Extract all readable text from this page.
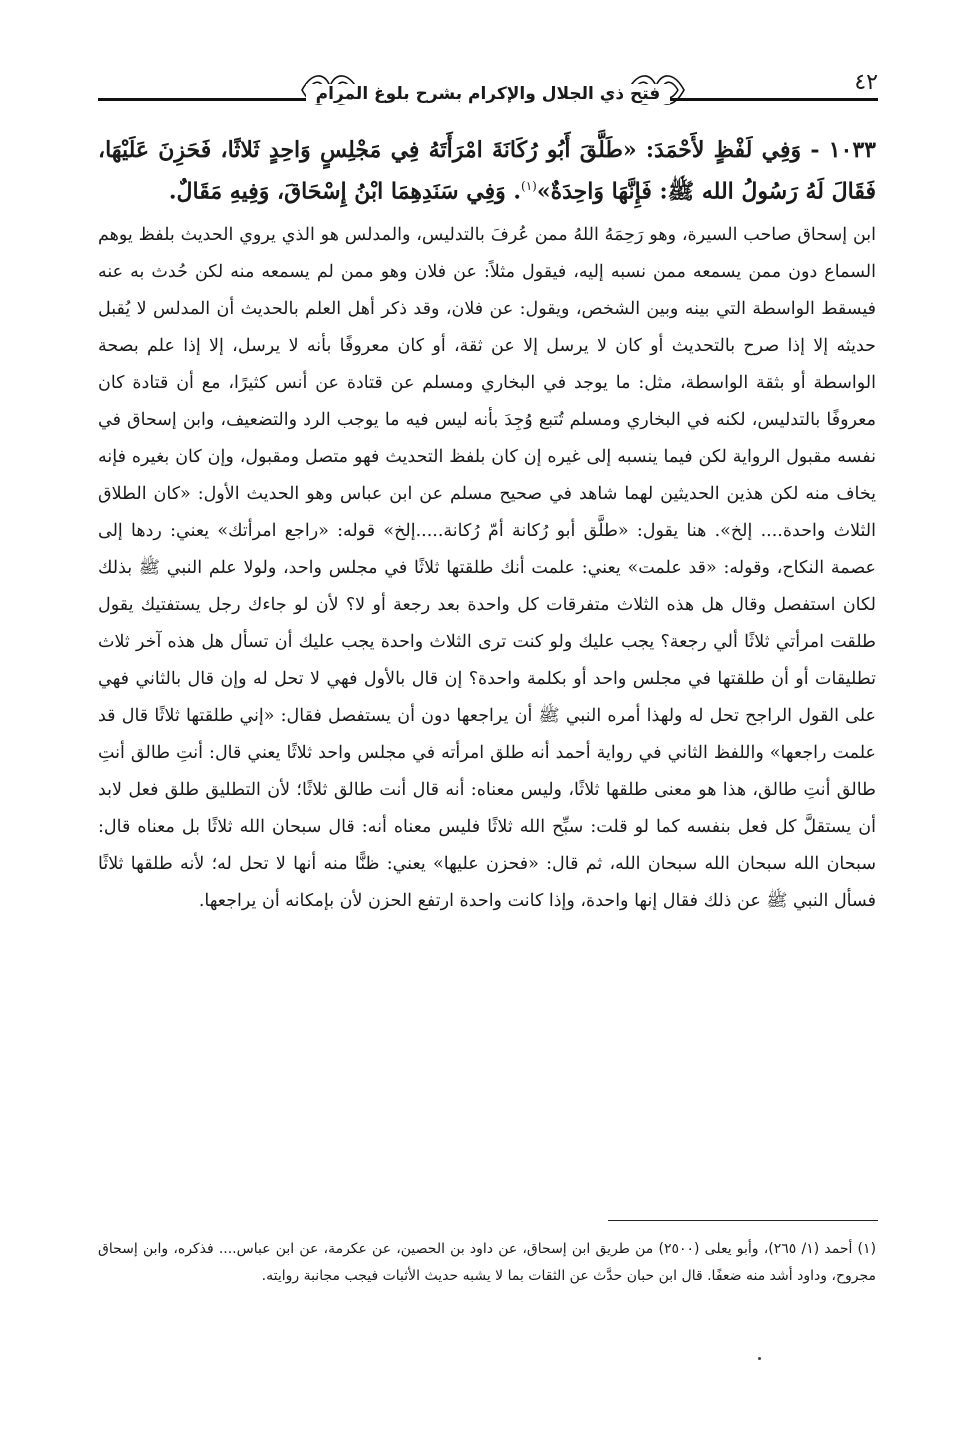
٤٢
فتح ذي الجلال والإكرام بشرح بلوغ المرام

١٠٣٣ - وَفِي لَفْظٍ لأَحْمَدَ: «طَلَّقَ أَبُو رُكَانَةَ امْرَأَتَهُ فِي مَجْلِسٍ وَاحِدٍ ثَلاثًا، فَحَزِنَ عَلَيْهَا، فَقَالَ لَهُ رَسُولُ الله ﷺ: فَإِنَّهَا وَاحِدَةٌ»$^{(١)}$. وَفِي سَنَدِهِمَا ابْنُ إِسْحَاقَ، وَفِيهِ مَقَالٌ.

ابن إسحاق صاحب السيرة، وهو رَحِمَهُ اللهُ ممن عُرفَ بالتدليس، والمدلس هو الذي يروي الحديث بلفظ يوهم السماع دون ممن يسمعه ممن نسبه إليه، فيقول مثلاً: عن فلان وهو ممن لم يسمعه منه لكن حُدث به عنه فيسقط الواسطة التي بينه وبين الشخص، ويقول: عن فلان، وقد ذكر أهل العلم بالحديث أن المدلس لا يُقبل حديثه إلا إذا صرح بالتحديث أو كان لا يرسل إلا عن ثقة، أو كان معروفًا بأنه لا يرسل، إلا إذا علم بصحة الواسطة أو بثقة الواسطة، مثل: ما يوجد في البخاري ومسلم عن قتادة عن أنس كثيرًا، مع أن قتادة كان معروفًا بالتدليس، لكنه في البخاري ومسلم تُتبع وُجِدَ بأنه ليس فيه ما يوجب الرد والتضعيف، وابن إسحاق في نفسه مقبول الرواية لكن فيما ينسبه إلى غيره إن كان بلفظ التحديث فهو متصل ومقبول، وإن كان بغيره فإنه يخاف منه لكن هذين الحديثين لهما شاهد في صحيح مسلم عن ابن عباس وهو الحديث الأول: «كان الطلاق الثلاث واحدة.... إلخ». هنا يقول: «طلَّق أبو رُكانة أمّ رُكانة.....إلخ» قوله: «راجع امرأتك» يعني: ردها إلى عصمة النكاح، وقوله: «قد علمت» يعني: علمت أنك طلقتها ثلاثًا في مجلس واحد، ولولا علم النبي ﷺ بذلك لكان استفصل وقال هل هذه الثلاث متفرقات كل واحدة بعد رجعة أو لا؟ لأن لو جاءك رجل يستفتيك يقول طلقت امرأتي ثلاثًا ألي رجعة؟ يجب عليك ولو كنت ترى الثلاث واحدة يجب عليك أن تسأل هل هذه آخر ثلاث تطليقات أو أن طلقتها في مجلس واحد أو بكلمة واحدة؟ إن قال بالأول فهي لا تحل له وإن قال بالثاني فهي على القول الراجح تحل له ولهذا أمره النبي ﷺ أن يراجعها دون أن يستفصل فقال: «إني طلقتها ثلاثًا قال قد علمت راجعها» واللفظ الثاني في رواية أحمد أنه طلق امرأته في مجلس واحد ثلاثًا يعني قال: أنتِ طالق أنتِ طالق أنتِ طالق، هذا هو معنى طلقها ثلاثًا، وليس معناه: أنه قال أنت طالق ثلاثًا؛ لأن التطليق طلق فعل لابد أن يستقلَّ كل فعل بنفسه كما لو قلت: سبِّح الله ثلاثًا فليس معناه أنه: قال سبحان الله ثلاثًا بل معناه قال: سبحان الله سبحان الله سبحان الله، ثم قال: «فحزن عليها» يعني: ظنًّا منه أنها لا تحل له؛ لأنه طلقها ثلاثًا فسأل النبي ﷺ عن ذلك فقال إنها واحدة، وإذا كانت واحدة ارتفع الحزن لأن بإمكانه أن يراجعها.

(١) أحمد (١/ ٢٦٥)، وأبو يعلى (٢٥٠٠) من طريق ابن إسحاق، عن داود بن الحصين، عن عكرمة، عن ابن عباس.... فذكره، وابن إسحاق مجروح، وداود أشد منه ضعفًا. قال ابن حبان حدَّث عن الثقات بما لا يشبه حديث الأثبات فيجب مجانبة روايته.
